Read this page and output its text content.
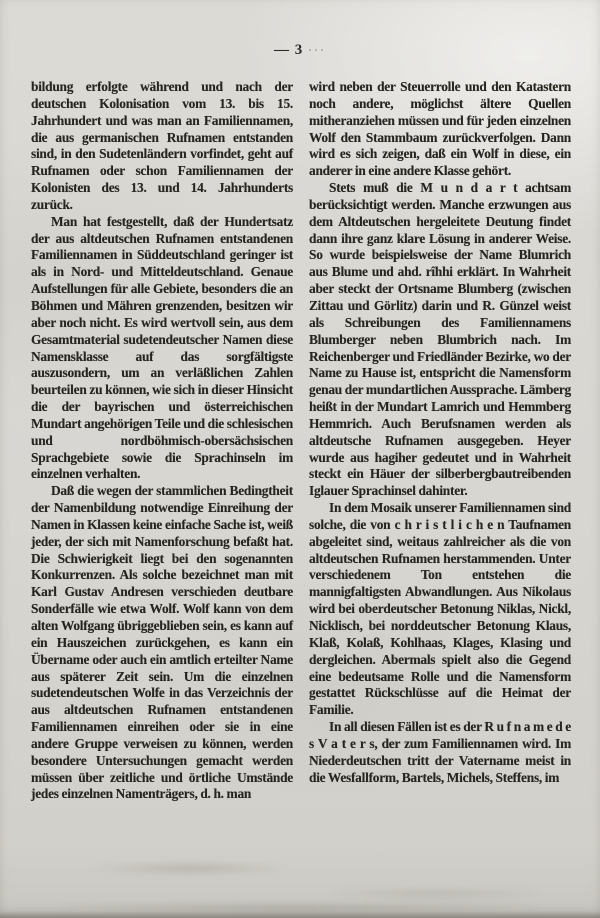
— 3 ···

bildung erfolgte während und nach der deutschen Kolonisation vom 13. bis 15. Jahrhundert und was man an Familiennamen, die aus germanischen Rufnamen entstanden sind, in den Sudetenländern vorfindet, geht auf Rufnamen oder schon Familiennamen der Kolonisten des 13. und 14. Jahrhunderts zurück.

Man hat festgestellt, daß der Hundertsatz der aus altdeutschen Rufnamen entstandenen Familiennamen in Süddeutschland geringer ist als in Nord- und Mitteldeutschland. Genaue Aufstellungen für alle Gebiete, besonders die an Böhmen und Mähren grenzenden, besitzen wir aber noch nicht. Es wird wertvoll sein, aus dem Gesamtmaterial sudetendeutscher Namen diese Namensklasse auf das sorgfältigste auszusondern, um an verläßlichen Zahlen beurteilen zu können, wie sich in dieser Hinsicht die der bayrischen und österreichischen Mundart angehörigen Teile und die schlesischen und nordböhmisch-obersächsischen Sprachgebiete sowie die Sprachinseln im einzelnen verhalten.

Daß die wegen der stammlichen Bedingtheit der Namenbildung notwendige Einreihung der Namen in Klassen keine einfache Sache ist, weiß jeder, der sich mit Namenforschung befaßt hat. Die Schwierigkeit liegt bei den sogenannten Konkurrenzen. Als solche bezeichnet man mit Karl Gustav Andresen verschieden deutbare Sonderfälle wie etwa Wolf. Wolf kann von dem alten Wolfgang übriggeblieben sein, es kann auf ein Hauszeichen zurückgehen, es kann ein Übername oder auch ein amtlich erteilter Name aus späterer Zeit sein. Um die einzelnen sudetendeutschen Wolfe in das Verzeichnis der aus altdeutschen Rufnamen entstandenen Familiennamen einreihen oder sie in eine andere Gruppe verweisen zu können, werden besondere Untersuchungen gemacht werden müssen über zeitliche und örtliche Umstände jedes einzelnen Namenträgers, d. h. man

wird neben der Steuerrolle und den Katastern noch andere, möglichst ältere Quellen mitheranziehen müssen und für jeden einzelnen Wolf den Stammbaum zurückverfolgen. Dann wird es sich zeigen, daß ein Wolf in diese, ein anderer in eine andere Klasse gehört.

Stets muß die M u n d a r t achtsam berücksichtigt werden. Manche erzwungen aus dem Altdeutschen hergeleitete Deutung findet dann ihre ganz klare Lösung in anderer Weise. So wurde beispielsweise der Name Blumrich aus Blume und ahd. rîhhi erklärt. In Wahrheit aber steckt der Ortsname Blumberg (zwischen Zittau und Görlitz) darin und R. Günzel weist als Schreibungen des Familiennamens Blumberger neben Blumbrich nach. Im Reichenberger und Friedländer Bezirke, wo der Name zu Hause ist, entspricht die Namensform genau der mundartlichen Aussprache. Lämberg heißt in der Mundart Lamrich und Hemmberg Hemmrich. Auch Berufsnamen werden als altdeutsche Rufnamen ausgegeben. Heyer wurde aus hagiher gedeutet und in Wahrheit steckt ein Häuer der silberbergbautreibenden Iglauer Sprachinsel dahinter.

In dem Mosaik unserer Familiennamen sind solche, die von c h r i s t l i c h e n Taufnamen abgeleitet sind, weitaus zahlreicher als die von altdeutschen Rufnamen herstammenden. Unter verschiedenem Ton entstehen die mannigfaltigsten Abwandlungen. Aus Nikolaus wird bei oberdeutscher Betonung Niklas, Nickl, Nicklisch, bei norddeutscher Betonung Klaus, Klaß, Kolaß, Kohlhaas, Klages, Klasing und dergleichen. Abermals spielt also die Gegend eine bedeutsame Rolle und die Namensform gestattet Rückschlüsse auf die Heimat der Familie.

In all diesen Fällen ist es der R u f n a m e d e s V a t e r s, der zum Familiennamen wird. Im Niederdeutschen tritt der Vatername meist in die Wesfallform, Bartels, Michels, Steffens, im
